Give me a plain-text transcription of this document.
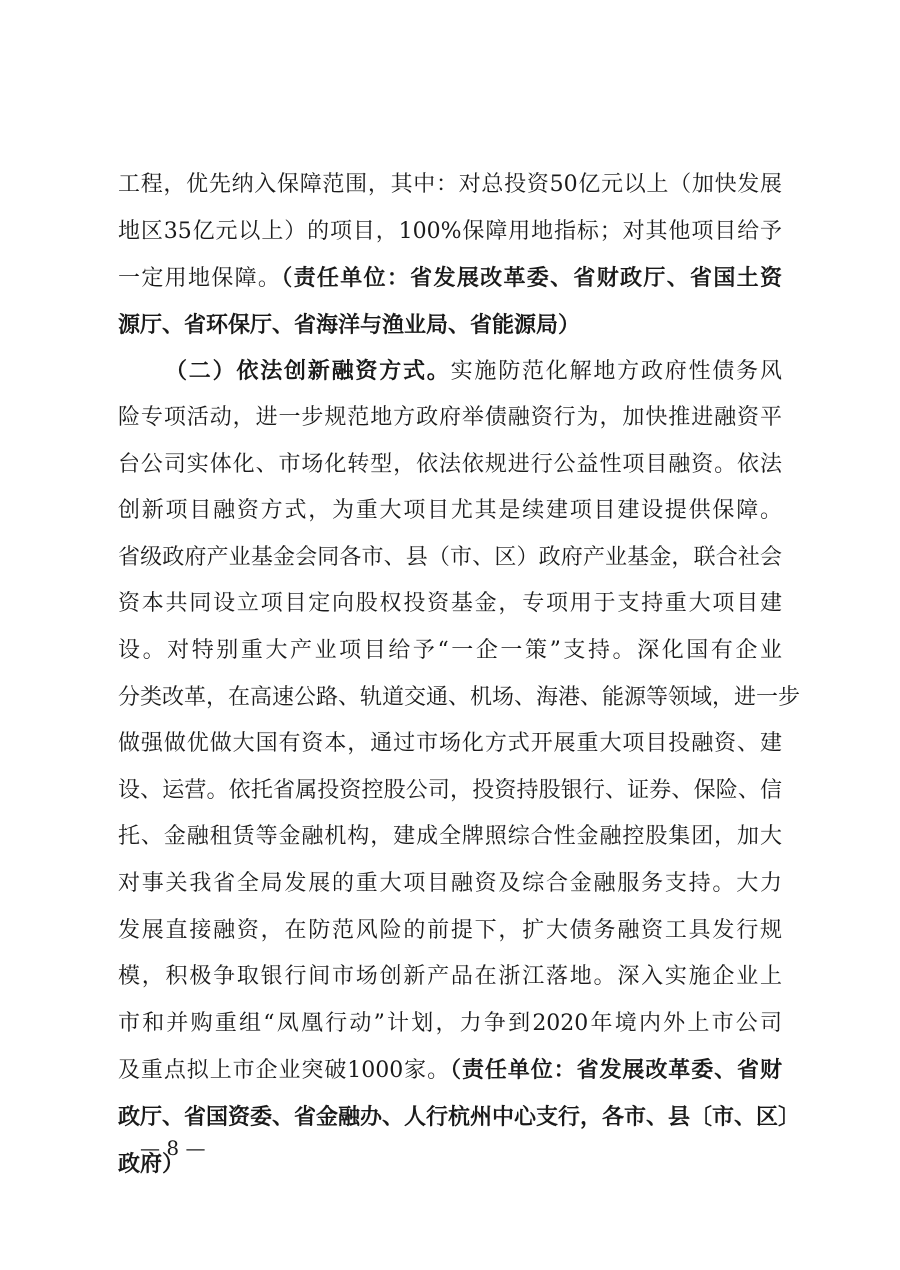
工程，优先纳入保障范围，其中：对总投资50亿元以上（加快发展
地区35亿元以上）的项目，100%保障用地指标；对其他项目给予
一定用地保障。（责任单位：省发展改革委、省财政厅、省国土资
源厅、省环保厅、省海洋与渔业局、省能源局）
（二）依法创新融资方式。实施防范化解地方政府性债务风
险专项活动，进一步规范地方政府举债融资行为，加快推进融资平
台公司实体化、市场化转型，依法依规进行公益性项目融资。依法
创新项目融资方式，为重大项目尤其是续建项目建设提供保障。
省级政府产业基金会同各市、县（市、区）政府产业基金，联合社会
资本共同设立项目定向股权投资基金，专项用于支持重大项目建
设。对特别重大产业项目给予“一企一策”支持。深化国有企业
分类改革，在高速公路、轨道交通、机场、海港、能源等领域，进一步
做强做优做大国有资本，通过市场化方式开展重大项目投融资、建
设、运营。依托省属投资控股公司，投资持股银行、证券、保险、信
托、金融租赁等金融机构，建成全牌照综合性金融控股集团，加大
对事关我省全局发展的重大项目融资及综合金融服务支持。大力
发展直接融资，在防范风险的前提下，扩大债务融资工具发行规
模，积极争取银行间市场创新产品在浙江落地。深入实施企业上
市和并购重组“凤凰行动”计划，力争到2020年境内外上市公司
及重点拟上市企业突破1000家。（责任单位：省发展改革委、省财
政厅、省国资委、省金融办、人行杭州中心支行，各市、县〔市、区〕
政府）
— 8 —
